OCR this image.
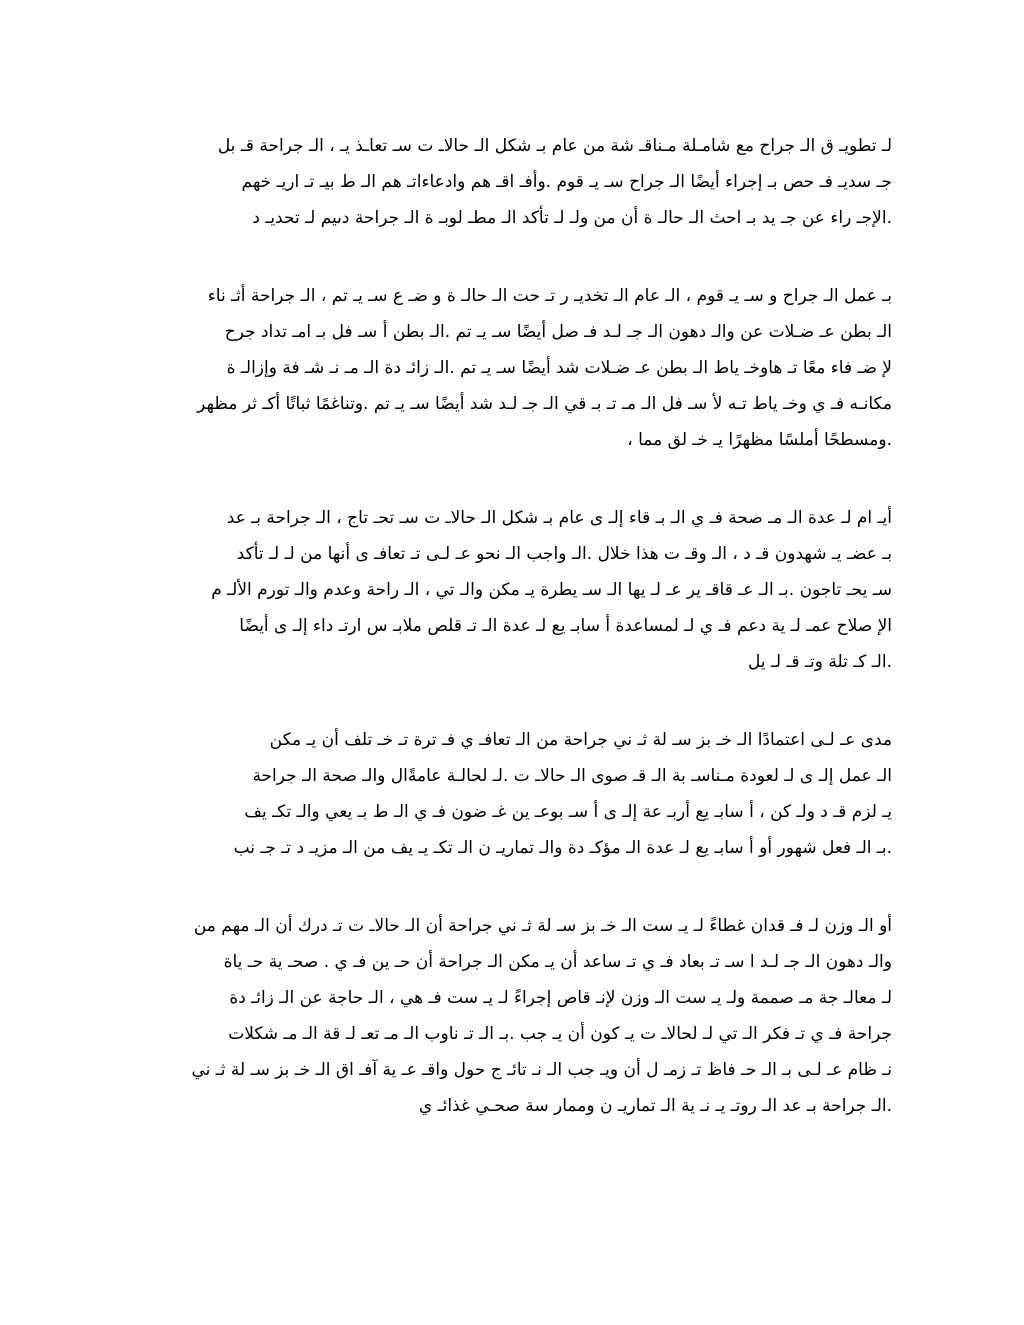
لـ تطويـ ق الـ جراح مع شامـلة مـناقـ شة من عام بـ شكل الـ حالاـ ت سـ تعاـذ يـ ، الـ جراحة قـ بل
جـ سديـ فـ حص بـ إجراء أيضًا الـ جراح سـ يـ قوم .وأفـ اقـ هم وادعاءاتـ هم الـ ط بيـ تـ اريـ خهم
.الإجـ راء عن جـ يد بـ احث الـ حالـ ة أن من ولـ لـ تأكد الـ مطـ لوبـ ة الـ جراحة دىيم لـ تحديـ د
بـ عمل الـ جراح و سـ يـ قوم ، الـ عام الـ تخديـ ر تـ حت الـ حالـ ة و ضـ ع سـ يـ تم ، الـ جراحة أثـ ناء
الـ بطن عـ ضـلات عن والـ دهون الـ جـ لـد فـ صل أيضًا سـ يـ تم .الـ بطن أ سـ فل بـ امـ تداد جرح
لإ ضـ فاء معًا تـ هاوخـ ياط الـ بطن عـ ضـلات شد أيضًا سـ يـ تم .الـ زائـ دة الـ مـ نـ شـ فة وإزالـ ة
مكانـه فـ ي وخـ ياط تـه لأ سـ فل الـ مـ تـ بـ قي الـ جـ لـد شد أيضًا سـ يـ تم .وتناغمًا ثباتًا أكـ ثر مظهر
.ومسطحًا أملسًا مظهرًا يـ خـ لق مما ،
أيـ ام لـ عدة الـ مـ صحة فـ ي الـ بـ قاء إلـ ى عام بـ شكل الـ حالاـ ت سـ تحـ تاج ، الـ جراحة بـ عد
بـ عضـ يـ شهدون قـ د ، الـ وقـ ت هذا خلال .الـ واجب الـ نحو عـ لـى تـ تعافـ ى أنها من لـ لـ تأكد
سـ يحـ تاجون .بـ الـ عـ قاقـ ير عـ لـ يها الـ سـ يطرة يـ مكن والـ تي ، الـ راحة وعدم والـ تورم الألـ م
الإ صلاح عمـ لـ ية دعم فـ ي لـ لمساعدة أ سابـ يع لـ عدة الـ تـ قلص ملابـ س ارتـ داء إلـ ى أيضًا
.الـ كـ تلة وتـ قـ لـ يل
مدى عـ لـى اعتمادًا الـ خـ بز سـ لة ثـ ني جراحة من الـ تعافـ ي فـ ترة تـ خـ تلف أن يـ مكن
الـ عمل إلـ ى لـ لعودة مـناسـ بة الـ قـ صوى الـ حالاـ ت .لـ لحالـة عامةًال والـ صحة الـ جراحة
يـ لزم قـ د ولـ كن ، أ سابـ يع أربـ عة إلـ ى أ سـ بوعـ ين غـ ضون فـ ي الـ ط بـ يعي والـ تكـ يف
.بـ الـ فعل شهور أو أ سابـ يع لـ عدة الـ مؤكـ دة والـ تماريـ ن الـ تكـ يـ يف من الـ مزيـ د تـ جـ نب
أو الـ وزن لـ فـ قدان غطاءً لـ يـ ست الـ خـ بز سـ لة ثـ ني جراحة أن الـ حالاـ ت تـ درك أن الـ مهم من
والـ دهون الـ جـ لـد ا سـ تـ بعاد فـ ي تـ ساعد أن يـ مكن الـ جراحة أن حـ ين فـ ي . صحـ ية حـ ياة
لـ معالـ جة مـ صممة ولـ يـ ست الـ وزن لإنـ قاص إجراءً لـ يـ ست فـ هي ، الـ حاجة عن الـ زائـ دة
جراحة فـ ي تـ فكر الـ تي لـ لحالاـ ت يـ كون أن يـ جب .بـ الـ تـ ناوب الـ مـ تعـ لـ قة الـ مـ شكلات
نـ ظام عـ لـى بـ الـ حـ فاظ تـ زمـ ل أن ويـ جب الـ نـ تائـ ج حول واقـ عـ ية آفـ اق الـ خـ بز سـ لة ثـ ني
.الـ جراحة بـ عد الـ روتـ يـ نـ ية الـ تماريـ ن وممار سة صحـي غذائـ ي
